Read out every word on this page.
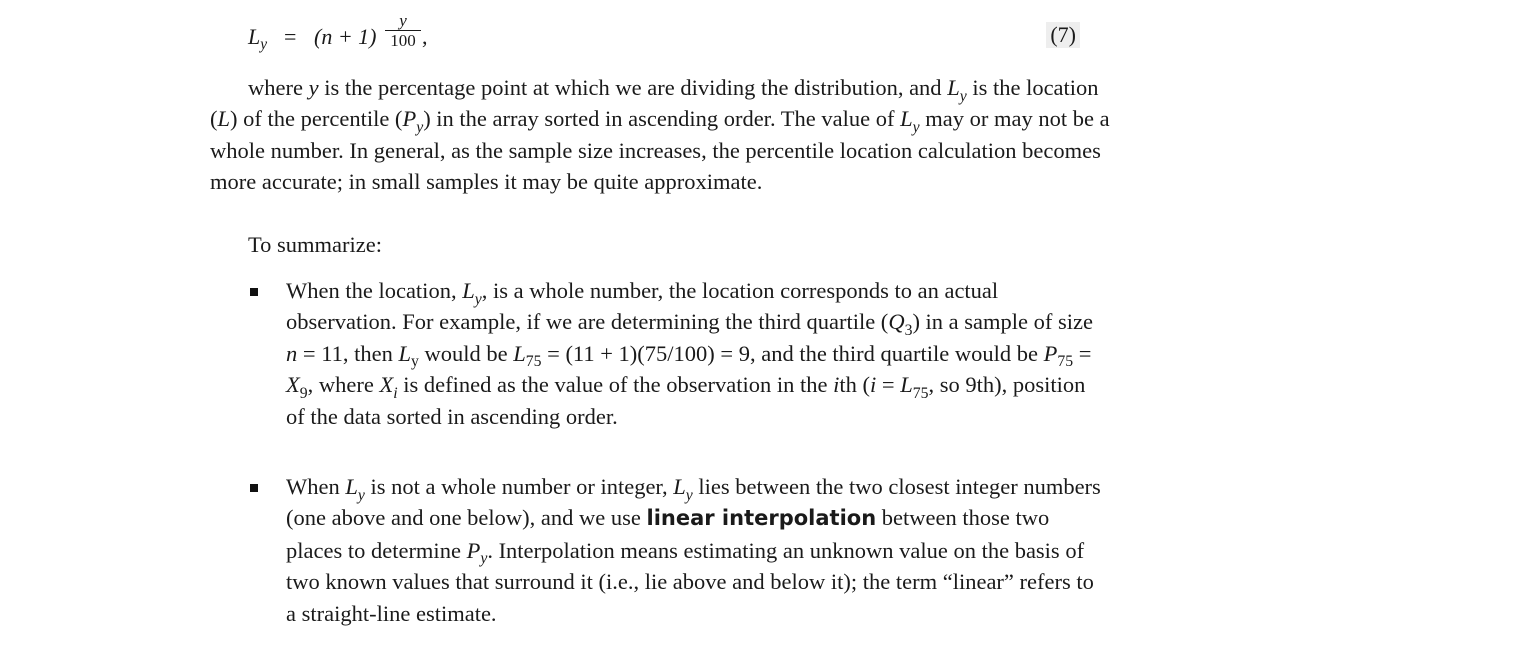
$L_y = (n + 1) \frac{y}{100}$ ,	(7)

where y is the percentage point at which we are dividing the distribution, and $L_y$ is the location (L) of the percentile $(P_y)$ in the array sorted in ascending order. The value of $L_y$ may or may not be a whole number. In general, as the sample size increases, the percentile location calculation becomes more accurate; in small samples it may be quite approximate.

To summarize:

When the location, $L_y$, is a whole number, the location corresponds to an actual observation. For example, if we are determining the third quartile $(Q_3)$ in a sample of size n = 11, then $L_y$ would be $L_{75} = (11 + 1)(75/100) = 9$, and the third quartile would be $P_{75} = X_9$, where $X_i$ is defined as the value of the observation in the ith ($i = L_{75}$, so 9th), position of the data sorted in ascending order.

When $L_y$ is not a whole number or integer, $L_y$ lies between the two closest integer numbers (one above and one below), and we use linear interpolation between those two places to determine $P_y$. Interpolation means estimating an unknown value on the basis of two known values that surround it (i.e., lie above and below it); the term “linear” refers to a straight-line estimate.
